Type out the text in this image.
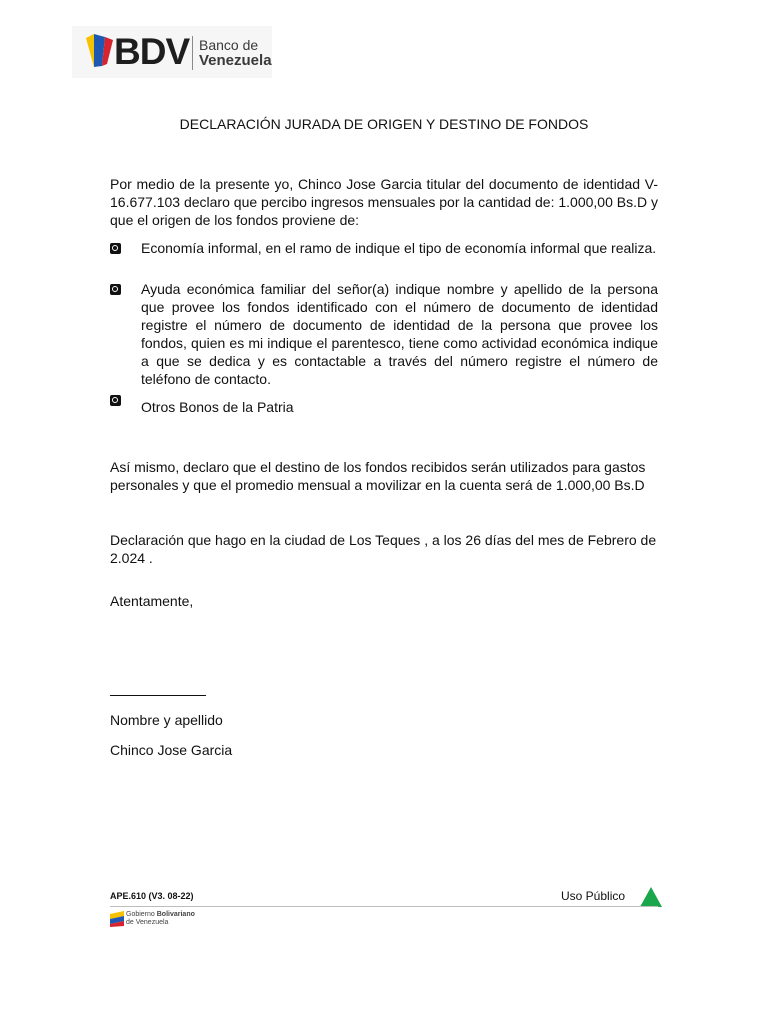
BDV Banco de
Venezuela
DECLARACIÓN JURADA DE ORIGEN Y DESTINO DE FONDOS
Por medio de la presente yo, Chinco Jose Garcia titular del documento de identidad V-16.677.103 declaro que percibo ingresos mensuales por la cantidad de: 1.000,00 Bs.D y que el origen de los fondos proviene de:
Economía informal, en el ramo de indique el tipo de economía informal que realiza.
Ayuda económica familiar del señor(a) indique nombre y apellido de la persona que provee los fondos identificado con el número de documento de identidad registre el número de documento de identidad de la persona que provee los fondos, quien es mi indique el parentesco, tiene como actividad económica indique a que se dedica y es contactable a través del número registre el número de teléfono de contacto.
Otros Bonos de la Patria
Así mismo, declaro que el destino de los fondos recibidos serán utilizados para gastos personales y que el promedio mensual a movilizar en la cuenta será de 1.000,00 Bs.D
Declaración que hago en la ciudad de Los Teques , a los 26 días del mes de Febrero de 2.024 .
Atentamente,
Nombre y apellido
Chinco Jose Garcia
APE.610 (V3. 08-22)	Uso Público
Gobierno Bolivariano
de Venezuela
